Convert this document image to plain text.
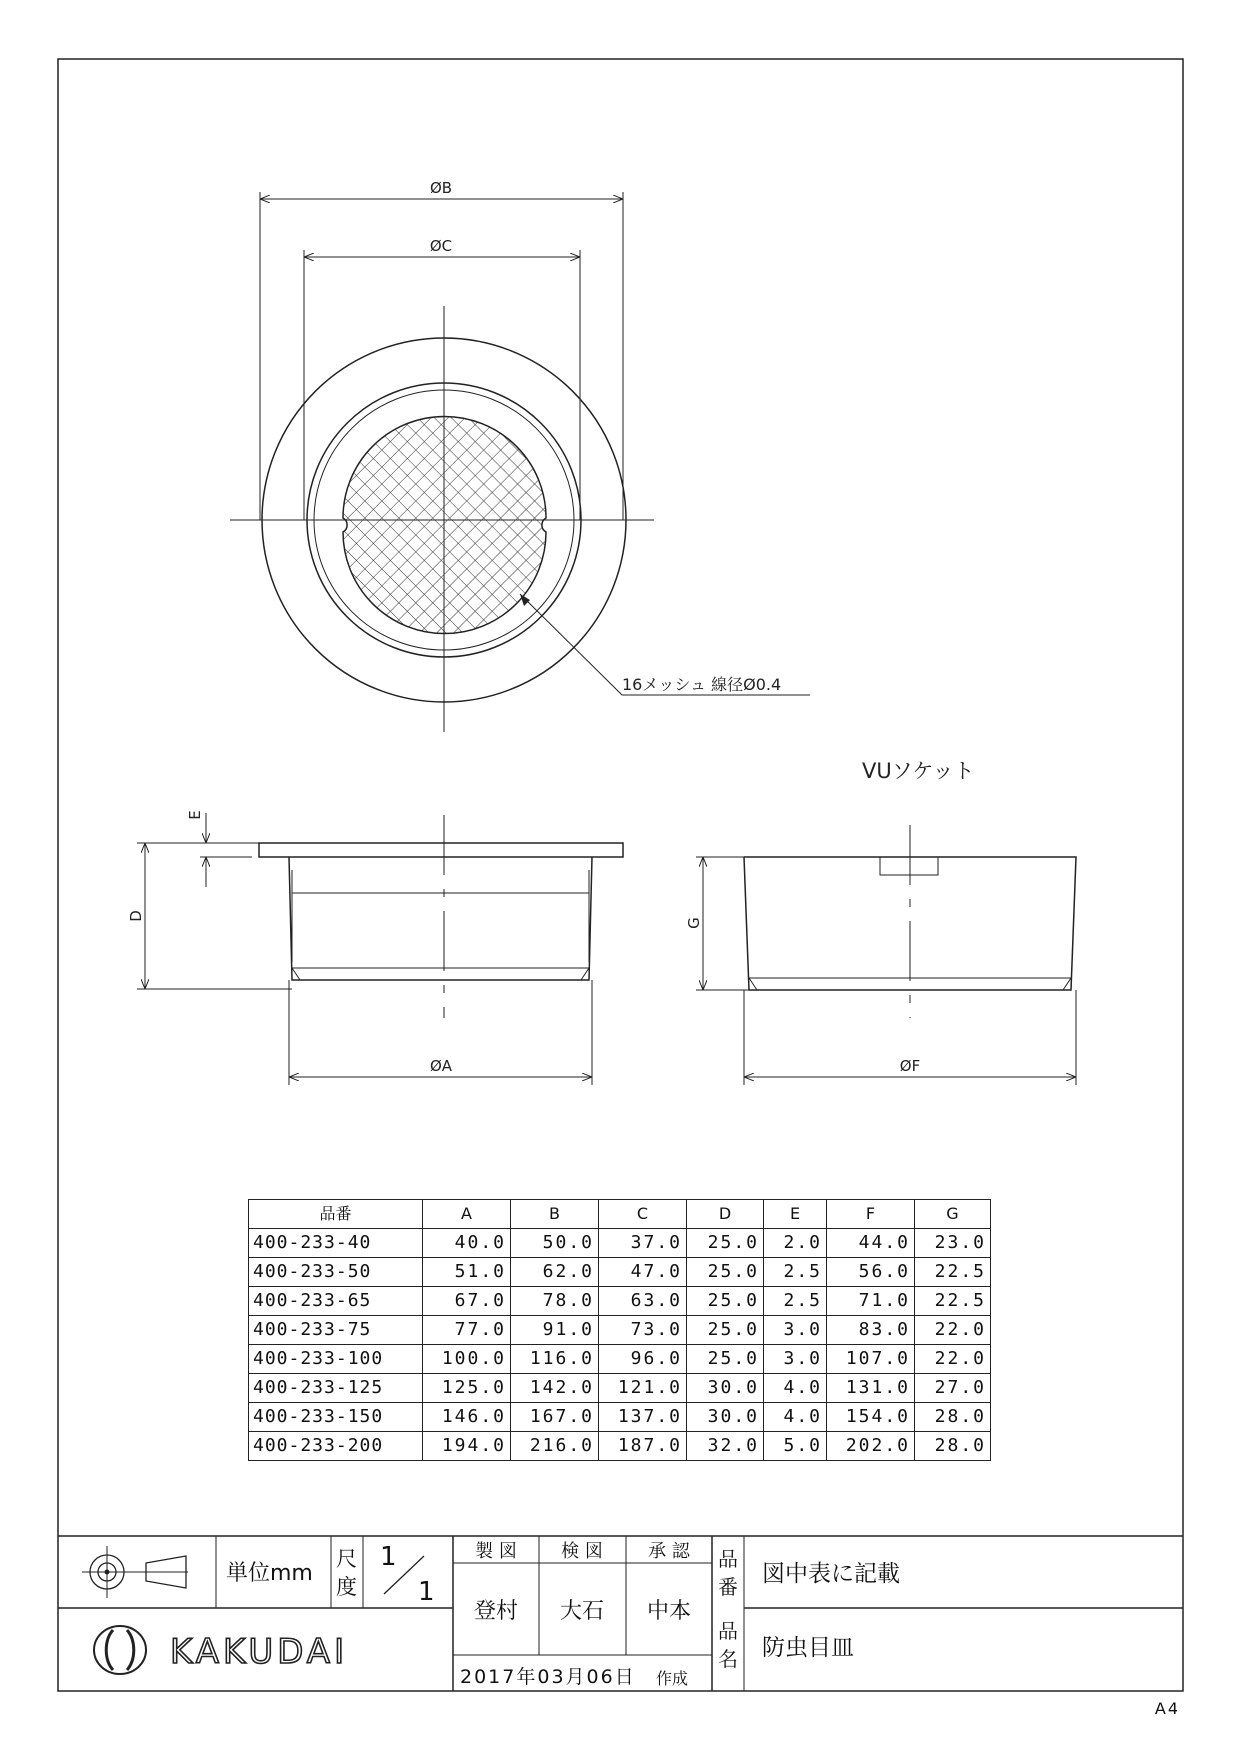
ØB
ØC
16メッシュ 線径Ø0.4
D
E
ØA
VUソケット
G
ØF
単位mm
尺
度
1
1
製 図 検 図	承 認
登村 大石 中本
品
番 図中表に記載
品
名 防虫目皿
KAKUDAI
2017年03月06日 作成
A4
品番	A	B	C	D	E	F	G
400-233-40	40.0	50.0	37.0	25.0	2.0	44.0	23.0
400-233-50	51.0	62.0	47.0	25.0	2.5	56.0	22.5
400-233-65	67.0	78.0	63.0	25.0	2.5	71.0	22.5
400-233-75	77.0	91.0	73.0	25.0	3.0	83.0	22.0
400-233-100	100.0	116.0	96.0	25.0	3.0	107.0	22.0
400-233-125	125.0	142.0	121.0	30.0	4.0	131.0	27.0
400-233-150	146.0	167.0	137.0	30.0	4.0	154.0	28.0
400-233-200	194.0	216.0	187.0	32.0	5.0	202.0	28.0
